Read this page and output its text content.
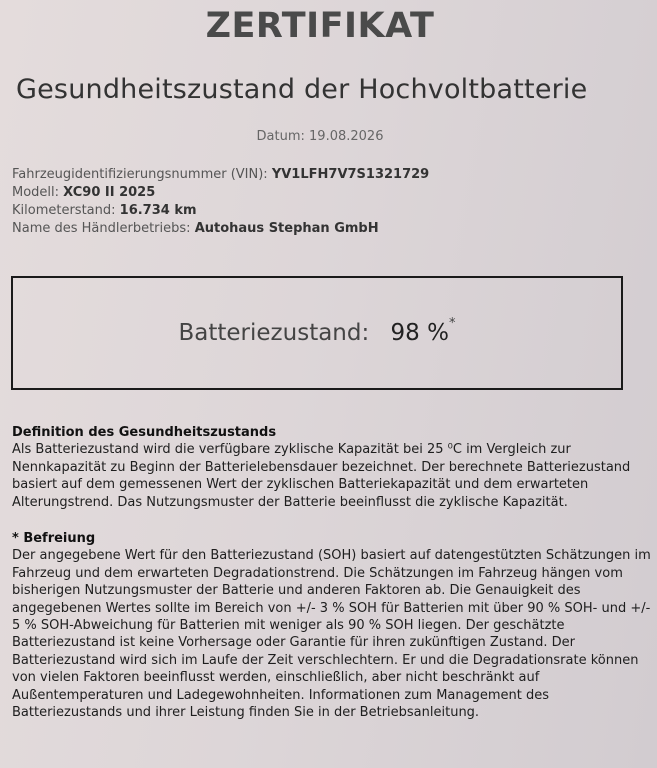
ZERTIFIKAT
Gesundheitszustand der Hochvoltbatterie
Datum: 19.08.2026
Fahrzeugidentifizierungsnummer (VIN): YV1LFH7V7S1321729
Modell: XC90 II 2025
Kilometerstand: 16.734 km
Name des Händlerbetriebs: Autohaus Stephan GmbH
Batteriezustand: 98 %*
Definition des Gesundheitszustands

Als Batteriezustand wird die verfügbare zyklische Kapazität bei 25 ⁰C im Vergleich zur Nennkapazität zu Beginn der Batterielebensdauer bezeichnet. Der berechnete Batteriezustand basiert auf dem gemessenen Wert der zyklischen Batteriekapazität und dem erwarteten Alterungstrend. Das Nutzungsmuster der Batterie beeinflusst die zyklische Kapazität.

* Befreiung

Der angegebene Wert für den Batteriezustand (SOH) basiert auf datengestützten Schätzungen im Fahrzeug und dem erwarteten Degradationstrend. Die Schätzungen im Fahrzeug hängen vom bisherigen Nutzungsmuster der Batterie und anderen Faktoren ab. Die Genauigkeit des angegebenen Wertes sollte im Bereich von +/- 3 % SOH für Batterien mit über 90 % SOH- und +/- 5 % SOH-Abweichung für Batterien mit weniger als 90 % SOH liegen. Der geschätzte Batteriezustand ist keine Vorhersage oder Garantie für ihren zukünftigen Zustand. Der Batteriezustand wird sich im Laufe der Zeit verschlechtern. Er und die Degradationsrate können von vielen Faktoren beeinflusst werden, einschließlich, aber nicht beschränkt auf Außentemperaturen und Ladegewohnheiten. Informationen zum Management des Batteriezustands und ihrer Leistung finden Sie in der Betriebsanleitung.
